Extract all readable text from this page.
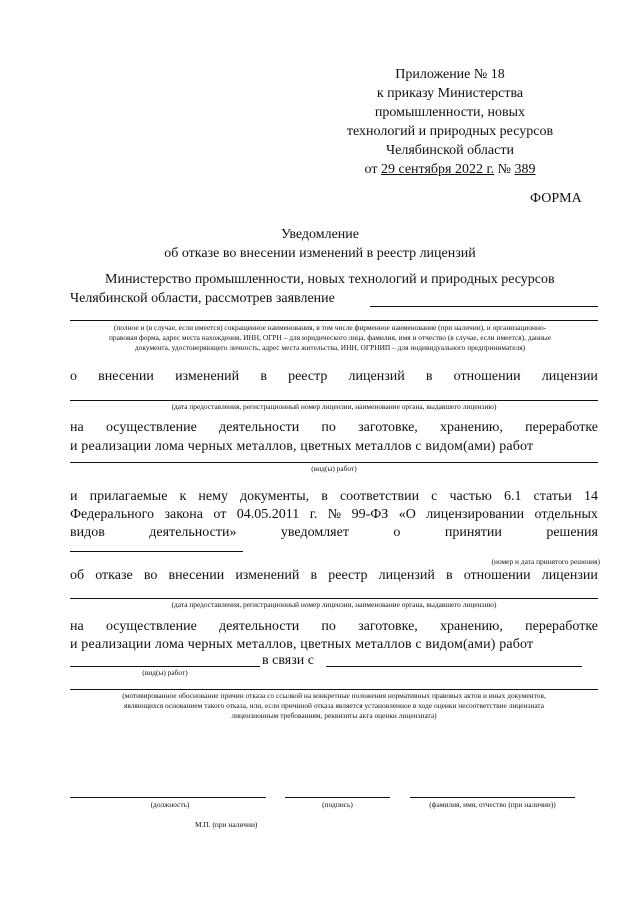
Приложение № 18
к приказу Министерства
промышленности, новых
технологий и природных ресурсов
Челябинской области
от 29 сентября 2022 г. № 389
ФОРМА
Уведомление
об отказе во внесении изменений в реестр лицензий
Министерство промышленности, новых технологий и природных ресурсов
Челябинской области, рассмотрев заявление
(полное и (в случае, если имеется) сокращенное наименования, в том числе фирменное наименование (при наличии), и организационно-
правовая форма, адрес места нахождения, ИНН, ОГРН – для юридического лица, фамилия, имя и отчество (в случае, если имеется), данные
документа, удостоверяющего личность, адрес места жительства, ИНН, ОГРНИП – для индивидуального предпринимателя)
о внесении изменений в реестр лицензий в отношении лицензии
(дата предоставления, регистрационный номер лицензии, наименование органа, выдавшего лицензию)
на осуществление деятельности по заготовке, хранению, переработке
и реализации лома черных металлов, цветных металлов с видом(ами) работ
(вид(ы) работ)
и прилагаемые к нему документы, в соответствии с частью 6.1 статьи 14
Федерального закона от 04.05.2011 г. № 99-ФЗ «О лицензировании отдельных
видов	деятельности»	уведомляет	о	принятии	решения
(номер и дата принятого решения)
об отказе во внесении изменений в реестр лицензий в отношении лицензии
(дата предоставления, регистрационный номер лицензии, наименование органа, выдавшего лицензию)
на осуществление деятельности по заготовке, хранению, переработке
и реализации лома черных металлов, цветных металлов с видом(ами) работ
в связи с
(вид(ы) работ)
(мотивированное обоснование причин отказа со ссылкой на конкретные положения нормативных правовых актов и иных документов,
являющихся основанием такого отказа, или, если причиной отказа является установленное в ходе оценки несоответствие лицензиата
лицензионным требованиям, реквизиты акта оценки лицензиата)
(должность)	(подпись)	(фамилия, имя, отчество (при наличии))
М.П. (при наличии)
